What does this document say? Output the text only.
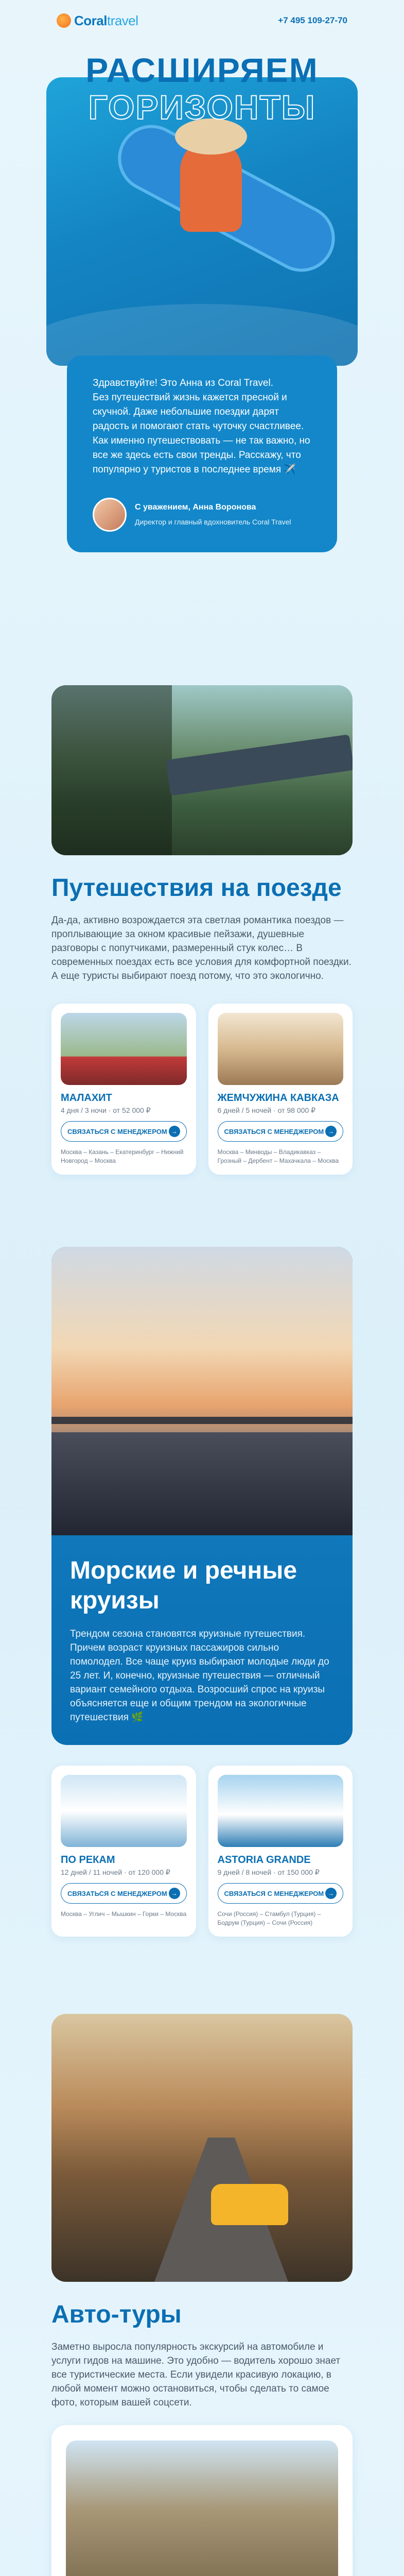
Coraltravel	+7 495 109-27-70
РАСШИРЯЕМ
ГОРИЗОНТЫ

Здравствуйте! Это Анна из Coral Travel.

Без путешествий жизнь кажется пресной и скучной. Даже небольшие поездки дарят радость и помогают стать чуточку счастливее. Как именно путешествовать — не так важно, но все же здесь есть свои тренды. Расскажу, что популярно у туристов в последнее время ✈️

С уважением, Анна Воронова
Директор и главный вдохновитель Coral Travel
Путешествия на поезде

Да-да, активно возрождается эта светлая романтика поездов — проплывающие за окном красивые пейзажи, душевные разговоры с попутчиками, размеренный стук колес… В современных поездах есть все условия для комфортной поездки. А еще туристы выбирают поезд потому, что это экологично.

МАЛАХИТ
4 дня / 3 ночи · от 52 000 ₽
СВЯЗАТЬСЯ С МЕНЕДЖЕРОМ →
Москва – Казань – Екатеринбург – Нижний Новгород – Москва
ЖЕМЧУЖИНА КАВКАЗА
6 дней / 5 ночей · от 98 000 ₽
СВЯЗАТЬСЯ С МЕНЕДЖЕРОМ →
Москва – Минводы – Владикавказ – Грозный – Дербент – Махачкала – Москва
Морские и речные круизы

Трендом сезона становятся круизные путешествия. Причем возраст круизных пассажиров сильно помолодел. Все чаще круиз выбирают молодые люди до 25 лет. И, конечно, круизные путешествия — отличный вариант семейного отдыха. Возросший спрос на круизы объясняется еще и общим трендом на экологичные путешествия 🌿

ПО РЕКАМ
12 дней / 11 ночей · от 120 000 ₽
СВЯЗАТЬСЯ С МЕНЕДЖЕРОМ →
Москва – Углич – Мышкин – Горки – Москва
ASTORIA GRANDE
9 дней / 8 ночей · от 150 000 ₽
СВЯЗАТЬСЯ С МЕНЕДЖЕРОМ →
Сочи (Россия) – Стамбул (Турция) – Бодрум (Турция) – Сочи (Россия)
Авто-туры

Заметно выросла популярность экскурсий на автомобиле и услуги гидов на машине. Это удобно — водитель хорошо знает все туристические места. Если увидели красивую локацию, в любой момент можно остановиться, чтобы сделать то самое фото, которым вашей соцсети.
